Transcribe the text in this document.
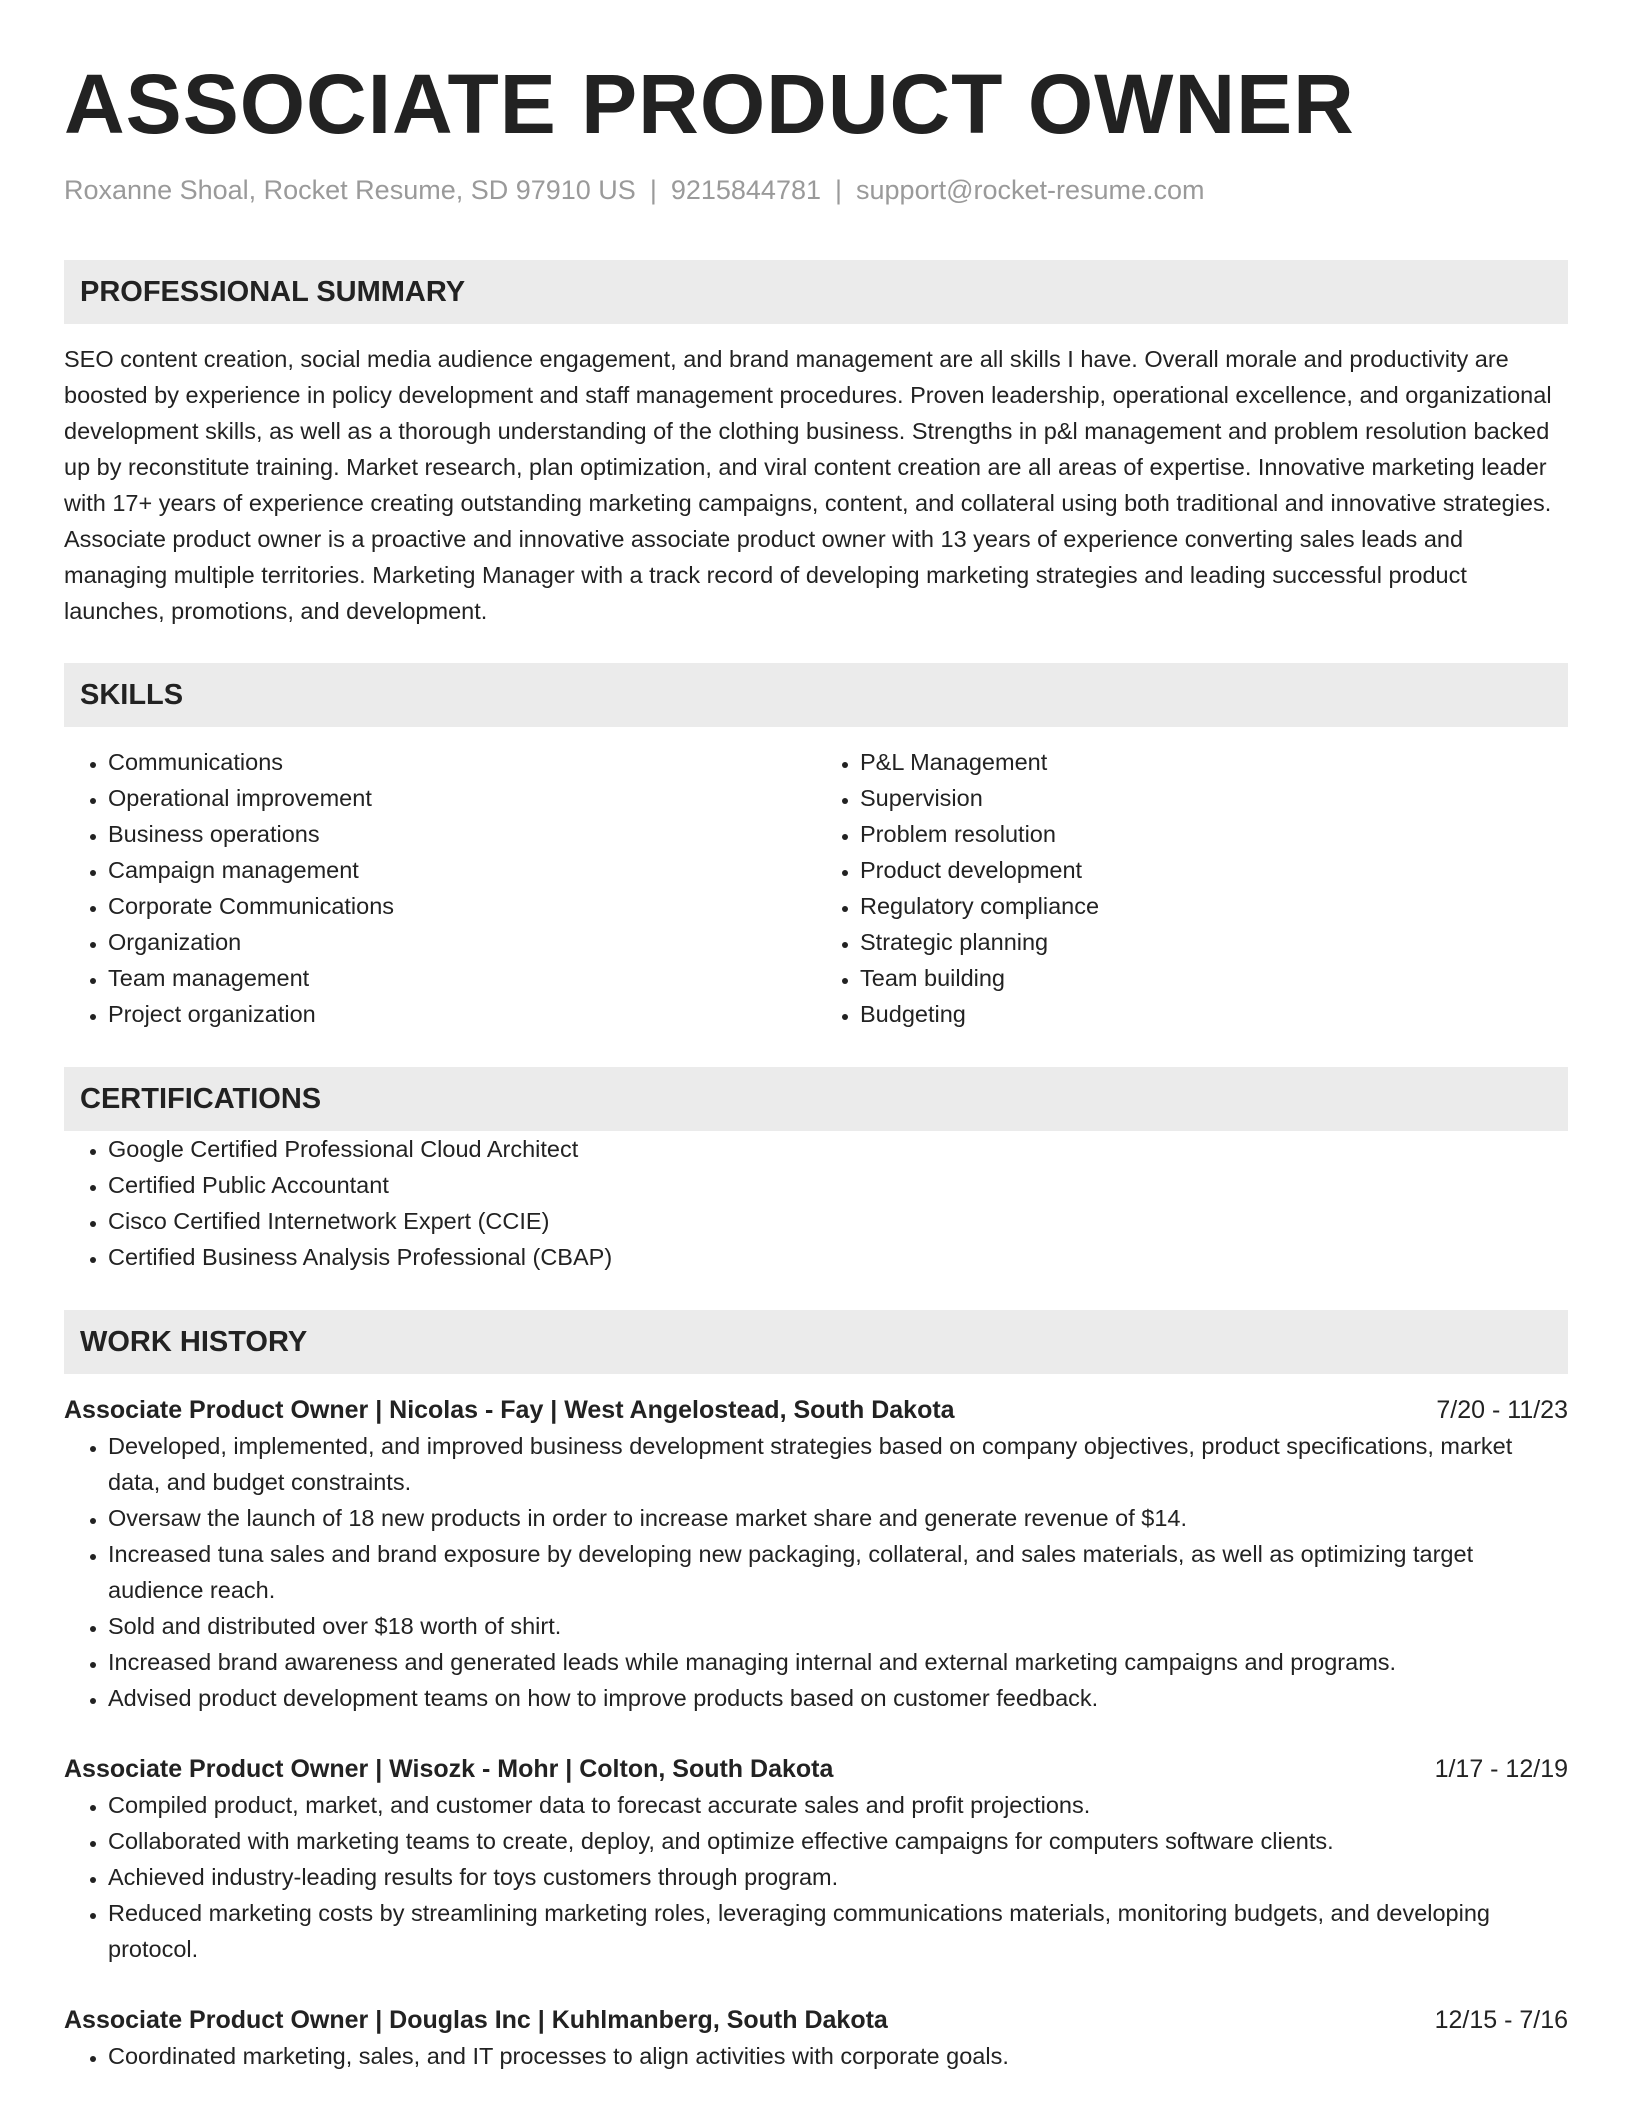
ASSOCIATE PRODUCT OWNER
Roxanne Shoal, Rocket Resume, SD 97910 US | 9215844781 | support@rocket-resume.com
PROFESSIONAL SUMMARY

SEO content creation, social media audience engagement, and brand management are all skills I have. Overall morale and productivity are boosted by experience in policy development and staff management procedures. Proven leadership, operational excellence, and organizational development skills, as well as a thorough understanding of the clothing business. Strengths in p&l management and problem resolution backed up by reconstitute training. Market research, plan optimization, and viral content creation are all areas of expertise. Innovative marketing leader with 17+ years of experience creating outstanding marketing campaigns, content, and collateral using both traditional and innovative strategies. Associate product owner is a proactive and innovative associate product owner with 13 years of experience converting sales leads and managing multiple territories. Marketing Manager with a track record of developing marketing strategies and leading successful product launches, promotions, and development.

SKILLS
• Communications
• Operational improvement
• Business operations
• Campaign management
• Corporate Communications
• Organization
• Team management
• Project organization
• P&L Management
• Supervision
• Problem resolution
• Product development
• Regulatory compliance
• Strategic planning
• Team building
• Budgeting
CERTIFICATIONS
• Google Certified Professional Cloud Architect
• Certified Public Accountant
• Cisco Certified Internetwork Expert (CCIE)
• Certified Business Analysis Professional (CBAP)
WORK HISTORY
Associate Product Owner | Nicolas - Fay | West Angelostead, South Dakota	7/20 - 11/23
• Developed, implemented, and improved business development strategies based on company objectives, product specifications, market data, and budget constraints.
• Oversaw the launch of 18 new products in order to increase market share and generate revenue of $14.
• Increased tuna sales and brand exposure by developing new packaging, collateral, and sales materials, as well as optimizing target audience reach.
• Sold and distributed over $18 worth of shirt.
• Increased brand awareness and generated leads while managing internal and external marketing campaigns and programs.
• Advised product development teams on how to improve products based on customer feedback.
Associate Product Owner | Wisozk - Mohr | Colton, South Dakota	1/17 - 12/19
• Compiled product, market, and customer data to forecast accurate sales and profit projections.
• Collaborated with marketing teams to create, deploy, and optimize effective campaigns for computers software clients.
• Achieved industry-leading results for toys customers through program.
• Reduced marketing costs by streamlining marketing roles, leveraging communications materials, monitoring budgets, and developing protocol.
Associate Product Owner | Douglas Inc | Kuhlmanberg, South Dakota	12/15 - 7/16
• Coordinated marketing, sales, and IT processes to align activities with corporate goals.
